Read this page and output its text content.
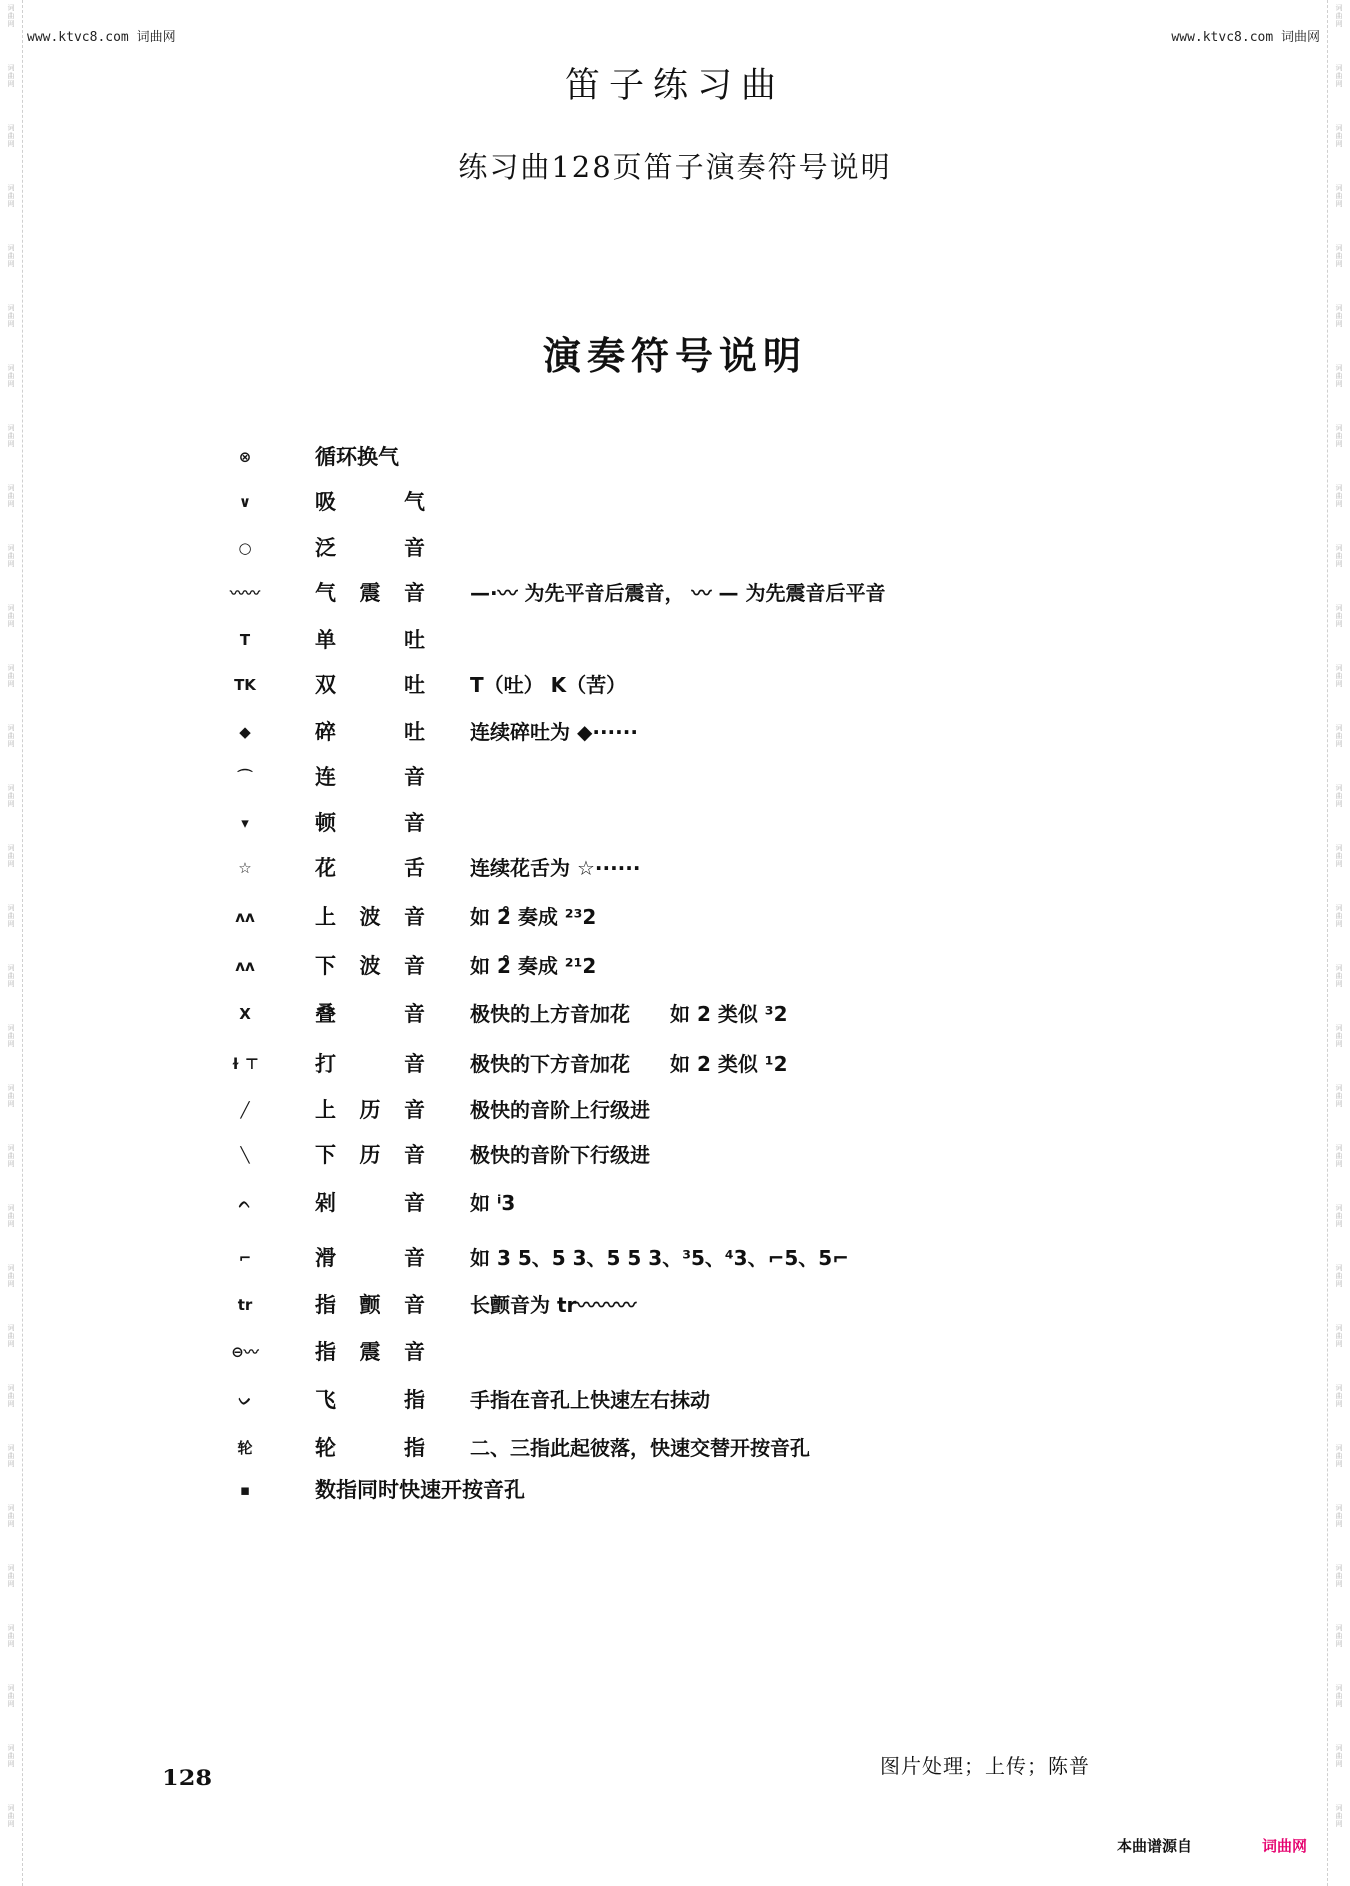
词曲网
词曲网
词曲网
词曲网
词曲网
词曲网
词曲网
词曲网
词曲网
词曲网
词曲网
词曲网
词曲网
词曲网
词曲网
词曲网
词曲网
词曲网
词曲网
词曲网
词曲网
词曲网
词曲网
词曲网
词曲网
词曲网
词曲网
词曲网
词曲网
词曲网
词曲网
词曲网
词曲网
词曲网
词曲网
词曲网
词曲网
词曲网
词曲网
词曲网
词曲网
词曲网
词曲网
词曲网
词曲网
词曲网
词曲网
词曲网
词曲网
词曲网
词曲网
词曲网
词曲网
词曲网
词曲网
词曲网
词曲网
词曲网
词曲网
词曲网
词曲网
词曲网
www.ktvc8.com 词曲网	www.ktvc8.com 词曲网
笛子练习曲
练习曲128页笛子演奏符号说明
演奏符号说明
⊗	循环换气
∨	吸气
○	泛音
〰〰	气震音 —·〰 为先平音后震音， 〰 — 为先震音后平音
T	单吐
TK	双吐 T（吐） K（苦）
◆	碎吐 连续碎吐为 ◆······
⌒	连音
▾	顿音
☆	花舌 连续花舌为 ☆······
ᴧᴧ	上波音 如 2̊ 奏成 ²³2
ᴧᴧ	下波音 如 2̊ 奏成 ²¹2
ꓫ	叠音 极快的上方音加花　　如 2 类似 ³2
ɫ ⊤	打音 极快的下方音加花　　如 2 类似 ¹2
╱	上历音 极快的音阶上行级进
╲	下历音 极快的音阶下行级进
ᨈ	剁音 如 ⁱ3
⌐	滑音 如 3 5、5 3、5 5 3、³5、⁴3、⌐5、5⌐
tr	指颤音 长颤音为 tr〰〰〰
⊖〰	指震音
ᨆ	飞指 手指在音孔上快速左右抹动
轮	轮指 二、三指此起彼落，快速交替开按音孔
▪	数指同时快速开按音孔
128	图片处理；上传；陈普
本曲谱源自	词曲网
